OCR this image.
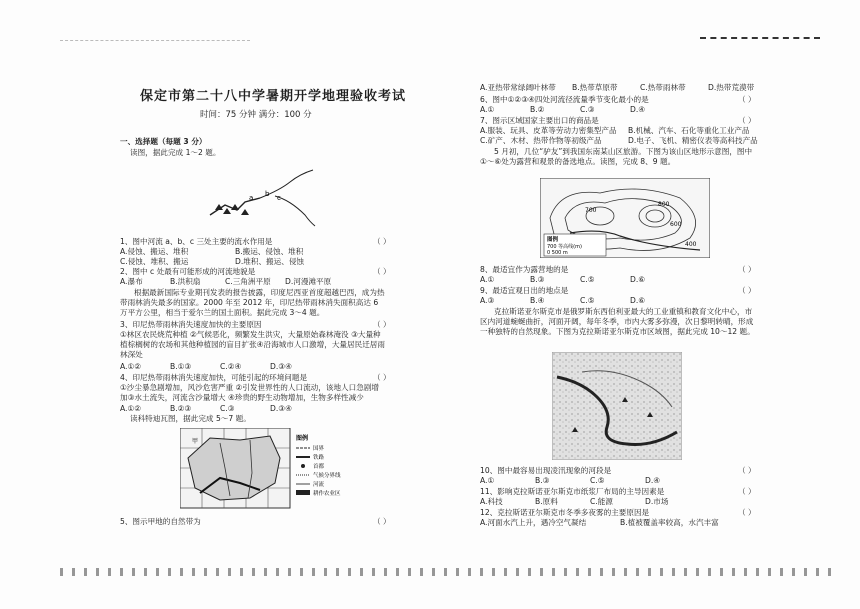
保定市第二十八中学暑期开学地理验收考试
时间：75 分钟 满分：100 分
一、选择题（每题 3 分）
读图，据此完成 1～2 题。
a b c
1、图中河流 a、b、c 三处主要的流水作用是	（ ）
A.侵蚀、搬运、堆积	B.搬运、侵蚀、堆积
C.侵蚀、堆积、搬运	D.堆积、搬运、侵蚀
2、图中 c 处最有可能形成的河流地貌是	（ ）
A.瀑布	B.洪积扇	C.三角洲平原 D.河漫滩平原
根据最新国际专业期刊发表的报告披露，印度尼西亚首度超越巴西，成为热带雨林消失最多的国家。2000 年至 2012 年，印尼热带雨林消失面积高达 6 万平方公里，相当于爱尔兰的国土面积。据此完成 3～4 题。
3、印尼热带雨林消失速度加快的主要原因	（ ）
①林区农民烧荒种植 ②气候恶化，频繁发生洪灾，大量原始森林淹没 ③大量种植棕榈树的农场和其他种植园的盲目扩张④沿海城市人口激增，大量居民迁居雨林深处
A.①②	B.①③	C.②④	D.③④
4、印尼热带雨林消失速度加快，可能引起的环境问题是	（ ）
①沙尘暴急剧增加，风沙危害严重 ②引发世界性的人口流动，该地人口急剧增加③水土流失，河流含沙量增大 ④珍贵的野生动物增加，生物多样性减少
A.①②	B.②③	C.③	D.③④
读科特迪瓦图，据此完成 5～7 题。
甲	图例
国界
铁路
首都
气候分界线
河流
耕作农业区
5、图示甲地的自然带为	（ ）
A.亚热带常绿阔叶林带 B.热带草原带	C.热带雨林带	D.热带荒漠带
6、图中①②③④四处河流径流量季节变化最小的是	（ ）
A.①	B.②	C.③	D.④
7、图示区域国家主要出口的商品是	（ ）
A.服装、玩具、皮革等劳动力密集型产品 B.机械、汽车、石化等重化工业产品
C.矿产、木材、热带作物等初级产品	D.电子、飞机、精密仪表等高科技产品
5 月初，几位“驴友”到我国东南某山区旅游。下图为该山区地形示意图，图中①～⑥处为露营和观景的备选地点。读图，完成 8、9 题。
700
800
600
400
图例
700 等高线(m)
0 500 m
8、最适宜作为露营地的是	（ ）
A.①	B.③	C.⑤	D.⑥
9、最适宜观日出的地点是	（ ）
A.③	B.④	C.⑤	D.⑥
克拉斯诺亚尔斯克市是俄罗斯东西伯利亚最大的工业重镇和教育文化中心，市区内河道蜿蜒曲折，河面开阔，每年冬季，市内大雾多弥漫，次日黎明转晴，形成一种独特的自然现象。下图为克拉斯诺亚尔斯克市区域图，据此完成 10～12 题。
10、图中最容易出现凌汛现象的河段是	（ ）
A.①	B.③	C.⑤	D.④
11、影响克拉斯诺亚尔斯克市纸浆厂布局的主导因素是	（ ）
A.科技	B.原料	C.能源	D.市场
12、克拉斯诺亚尔斯克市冬季多夜雾的主要原因是	（ ）
A.河面水汽上升，遇冷空气凝结	B.植被覆盖率较高，水汽丰富
